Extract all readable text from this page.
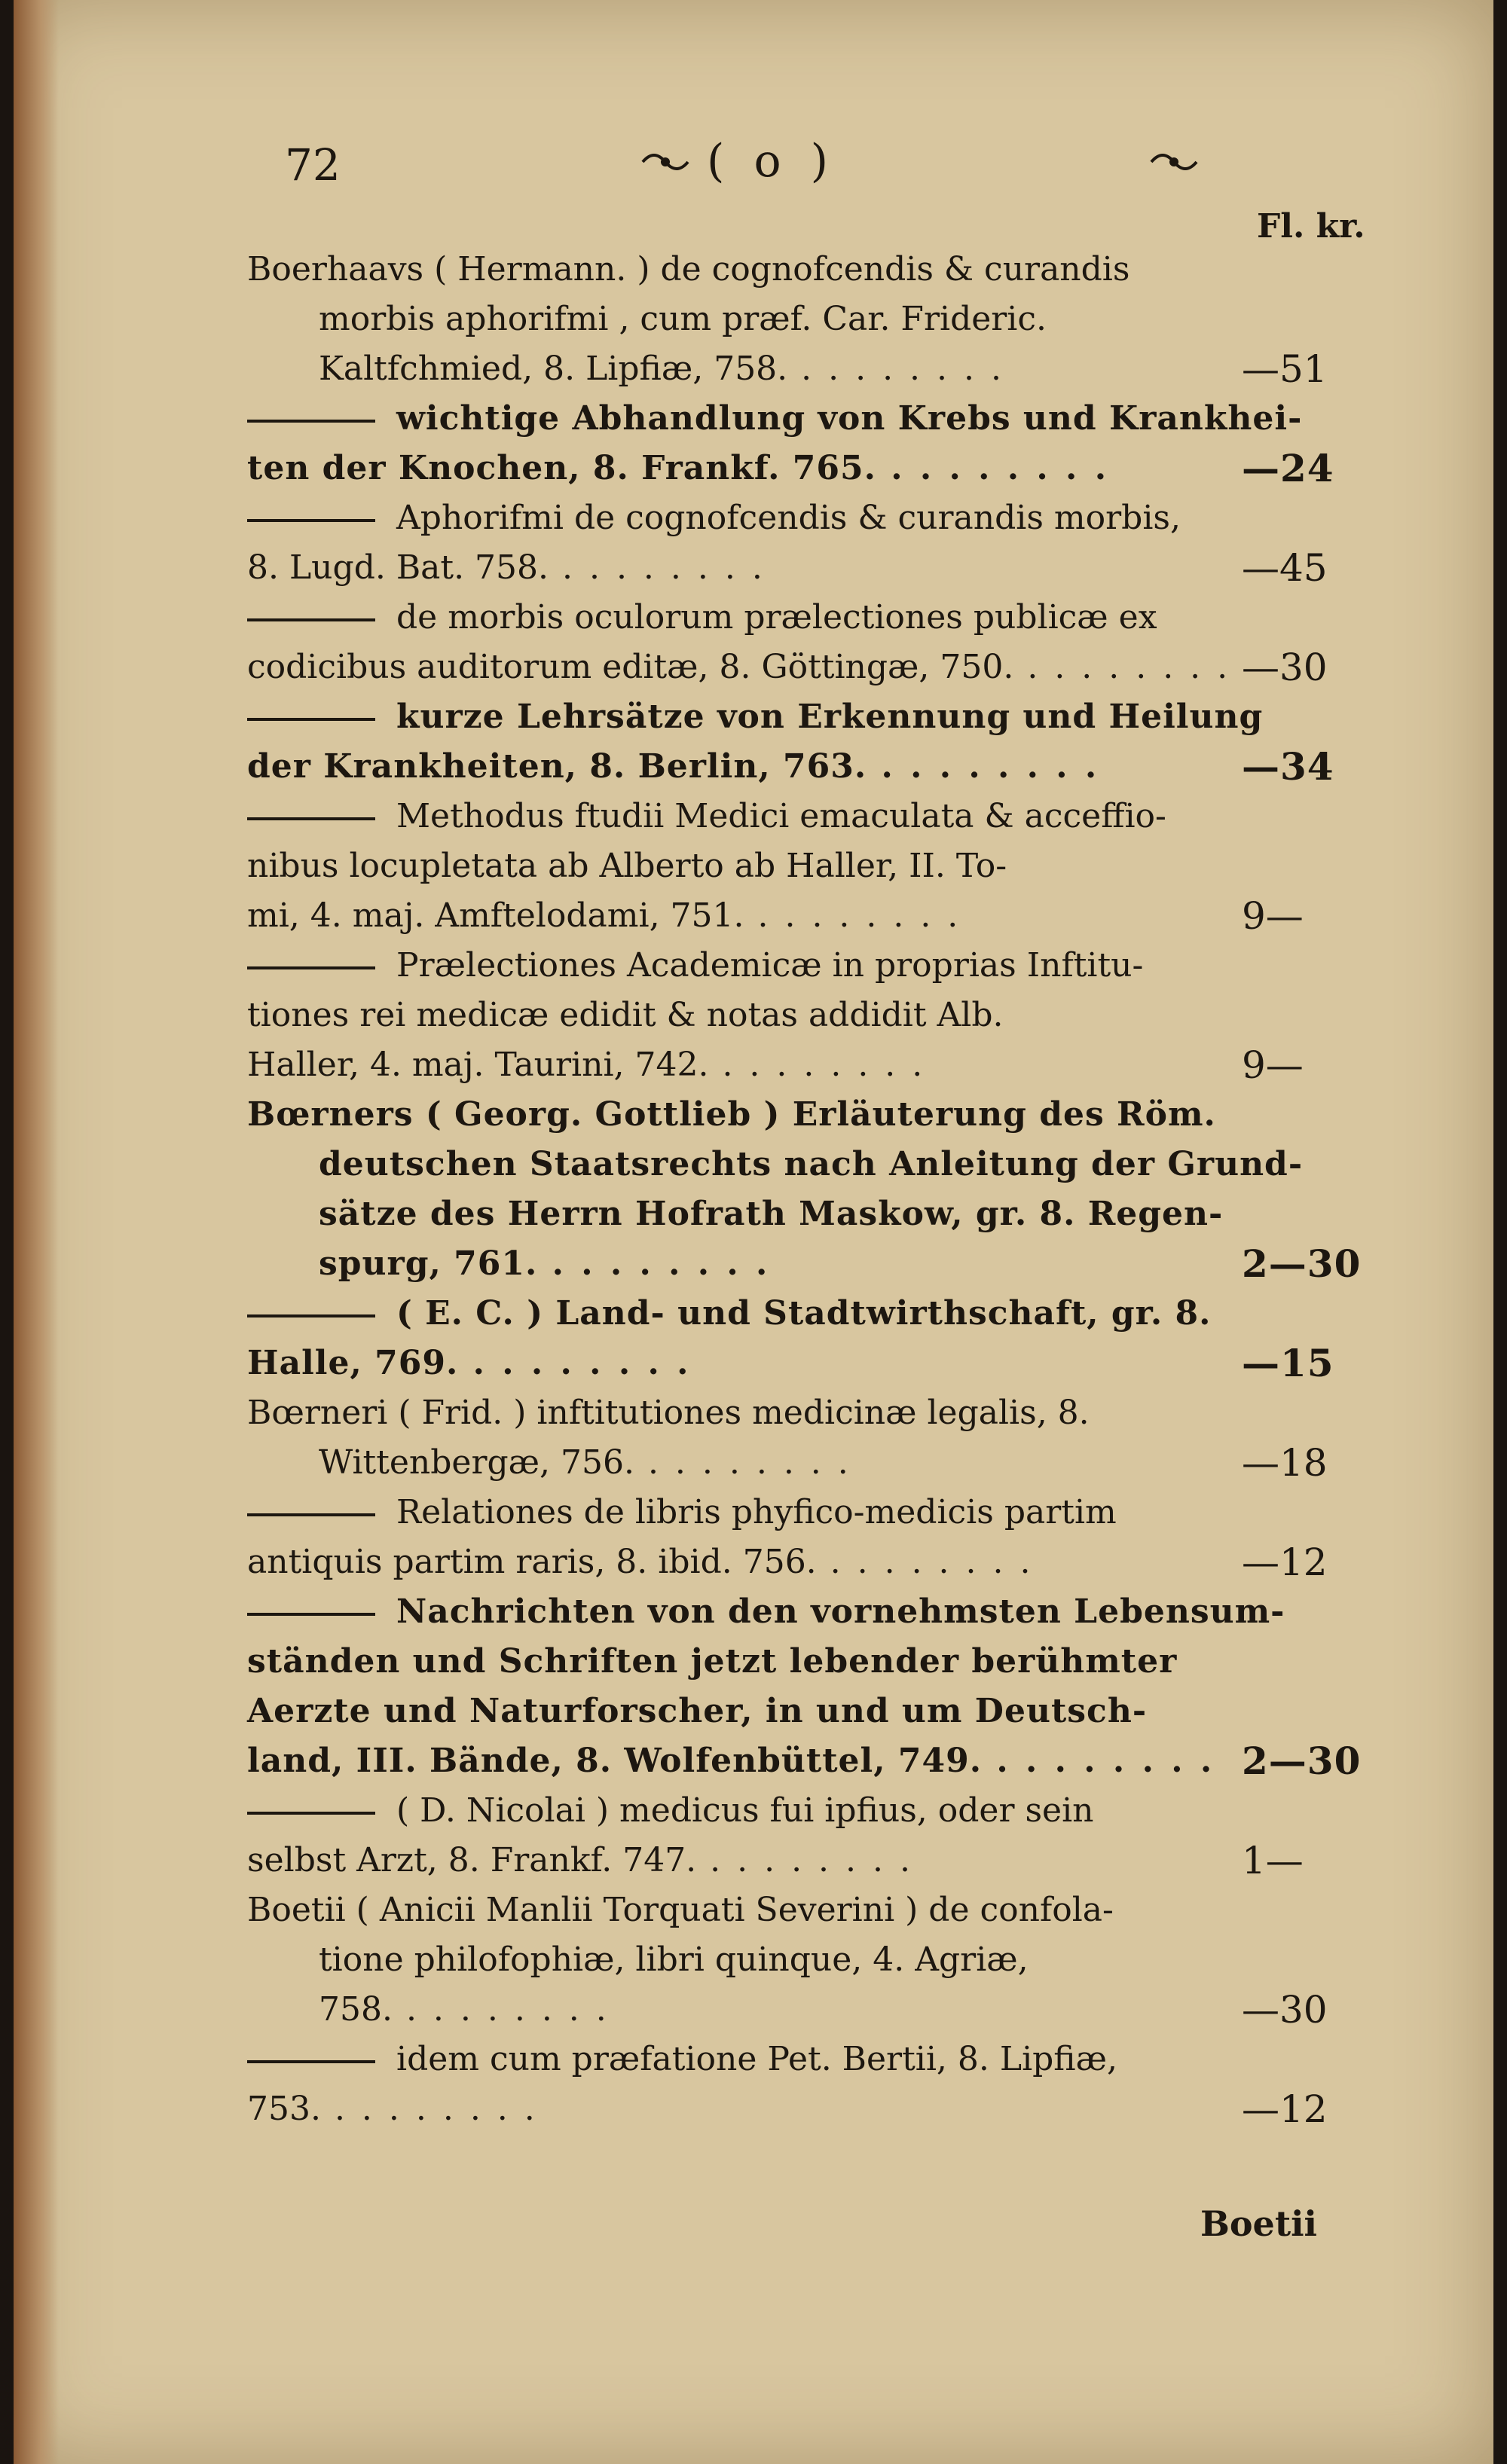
72	( o )
Fl. kr.
Boerhaavs ( Hermann. ) de cognofcendis & curandis
morbis aphorifmi , cum præf. Car. Frideric.
Kaltfchmied, 8. Lipfiæ, 758. . . . . . . . .	—51
wichtige Abhandlung von Krebs und Krankhei-
ten der Knochen, 8. Frankf. 765. . . . . . . . .	—24
Aphorifmi de cognofcendis & curandis morbis,
8. Lugd. Bat. 758. . . . . . . . .	—45
de morbis oculorum prælectiones publicæ ex
codicibus auditorum editæ, 8. Göttingæ, 750. . . . . . . . . —30
kurze Lehrsätze von Erkennung und Heilung
der Krankheiten, 8. Berlin, 763. . . . . . . . .	—34
Methodus ftudii Medici emaculata & acceffio-
nibus locupletata ab Alberto ab Haller, II. To-
mi, 4. maj. Amftelodami, 751. . . . . . . . .	9—
Prælectiones Academicæ in proprias Inftitu-
tiones rei medicæ edidit & notas addidit Alb.
Haller, 4. maj. Taurini, 742. . . . . . . . .	9—
Bœrners ( Georg. Gottlieb ) Erläuterung des Röm.
deutschen Staatsrechts nach Anleitung der Grund-
sätze des Herrn Hofrath Maskow, gr. 8. Regen-
spurg, 761. . . . . . . . .	2—30
( E. C. ) Land- und Stadtwirthschaft, gr. 8.
Halle, 769. . . . . . . . .	—15
Bœrneri ( Frid. ) inftitutiones medicinæ legalis, 8.
Wittenbergæ, 756. . . . . . . . .	—18
Relationes de libris phyfico-medicis partim
antiquis partim raris, 8. ibid. 756. . . . . . . . .	—12
Nachrichten von den vornehmsten Lebensum-
ständen und Schriften jetzt lebender berühmter
Aerzte und Naturforscher, in und um Deutsch-
land, III. Bände, 8. Wolfenbüttel, 749. . . . . . . . . 2—30
( D. Nicolai ) medicus fui ipfius, oder sein
selbst Arzt, 8. Frankf. 747. . . . . . . . .	1—
Boetii ( Anicii Manlii Torquati Severini ) de confola-
tione philofophiæ, libri quinque, 4. Agriæ,
758. . . . . . . . .	—30
idem cum præfatione Pet. Bertii, 8. Lipfiæ,
753. . . . . . . . .	—12
Boetii
